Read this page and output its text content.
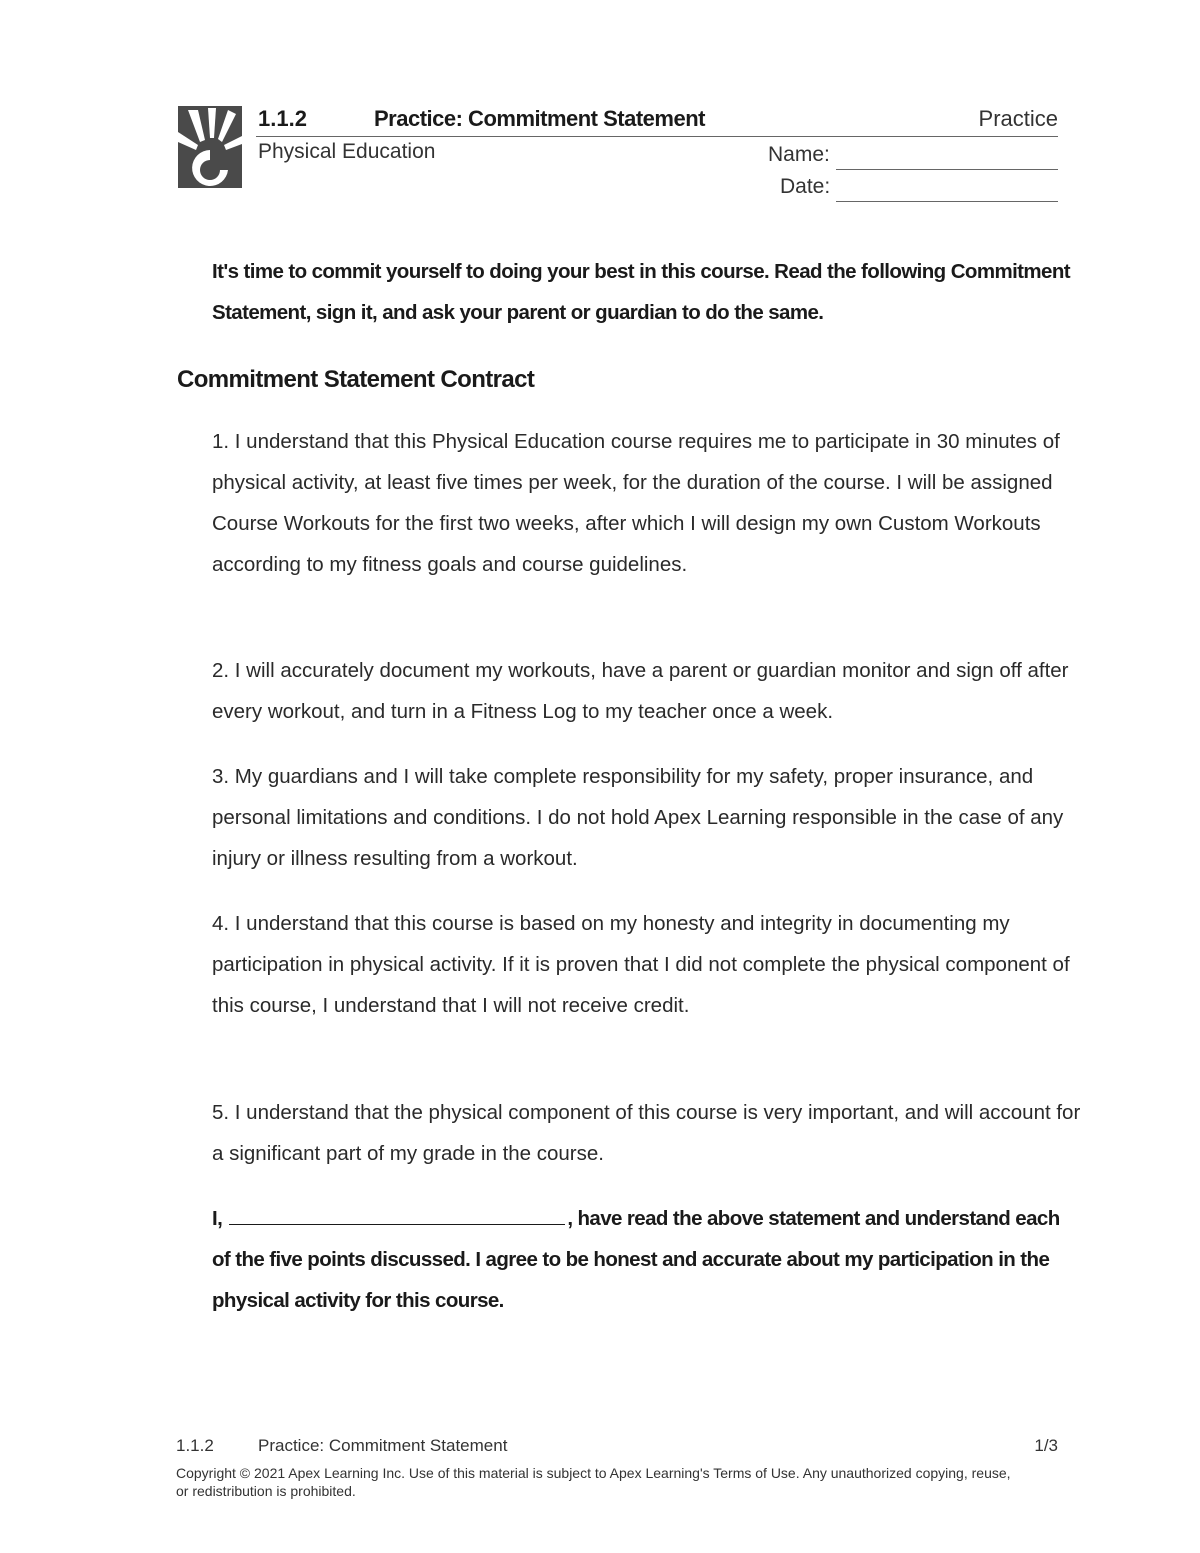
1.1.2	Practice: Commitment Statement	Practice
Physical Education	Name:
Date:

It's time to commit yourself to doing your best in this course. Read the following Commitment Statement, sign it, and ask your parent or guardian to do the same.

Commitment Statement Contract

1. I understand that this Physical Education course requires me to participate in 30 minutes of physical activity, at least five times per week, for the duration of the course. I will be assigned Course Workouts for the first two weeks, after which I will design my own Custom Workouts according to my fitness goals and course guidelines.

2. I will accurately document my workouts, have a parent or guardian monitor and sign off after every workout, and turn in a Fitness Log to my teacher once a week.

3. My guardians and I will take complete responsibility for my safety, proper insurance, and personal limitations and conditions. I do not hold Apex Learning responsible in the case of any injury or illness resulting from a workout.

4. I understand that this course is based on my honesty and integrity in documenting my participation in physical activity. If it is proven that I did not complete the physical component of this course, I understand that I will not receive credit.

5. I understand that the physical component of this course is very important, and will account for a significant part of my grade in the course.

I,	, have read the above statement and understand each of the five points discussed. I agree to be honest and accurate about my participation in the physical activity for this course.

1.1.2	Practice: Commitment Statement	1/3

Copyright © 2021 Apex Learning Inc. Use of this material is subject to Apex Learning's Terms of Use. Any unauthorized copying, reuse, or redistribution is prohibited.
